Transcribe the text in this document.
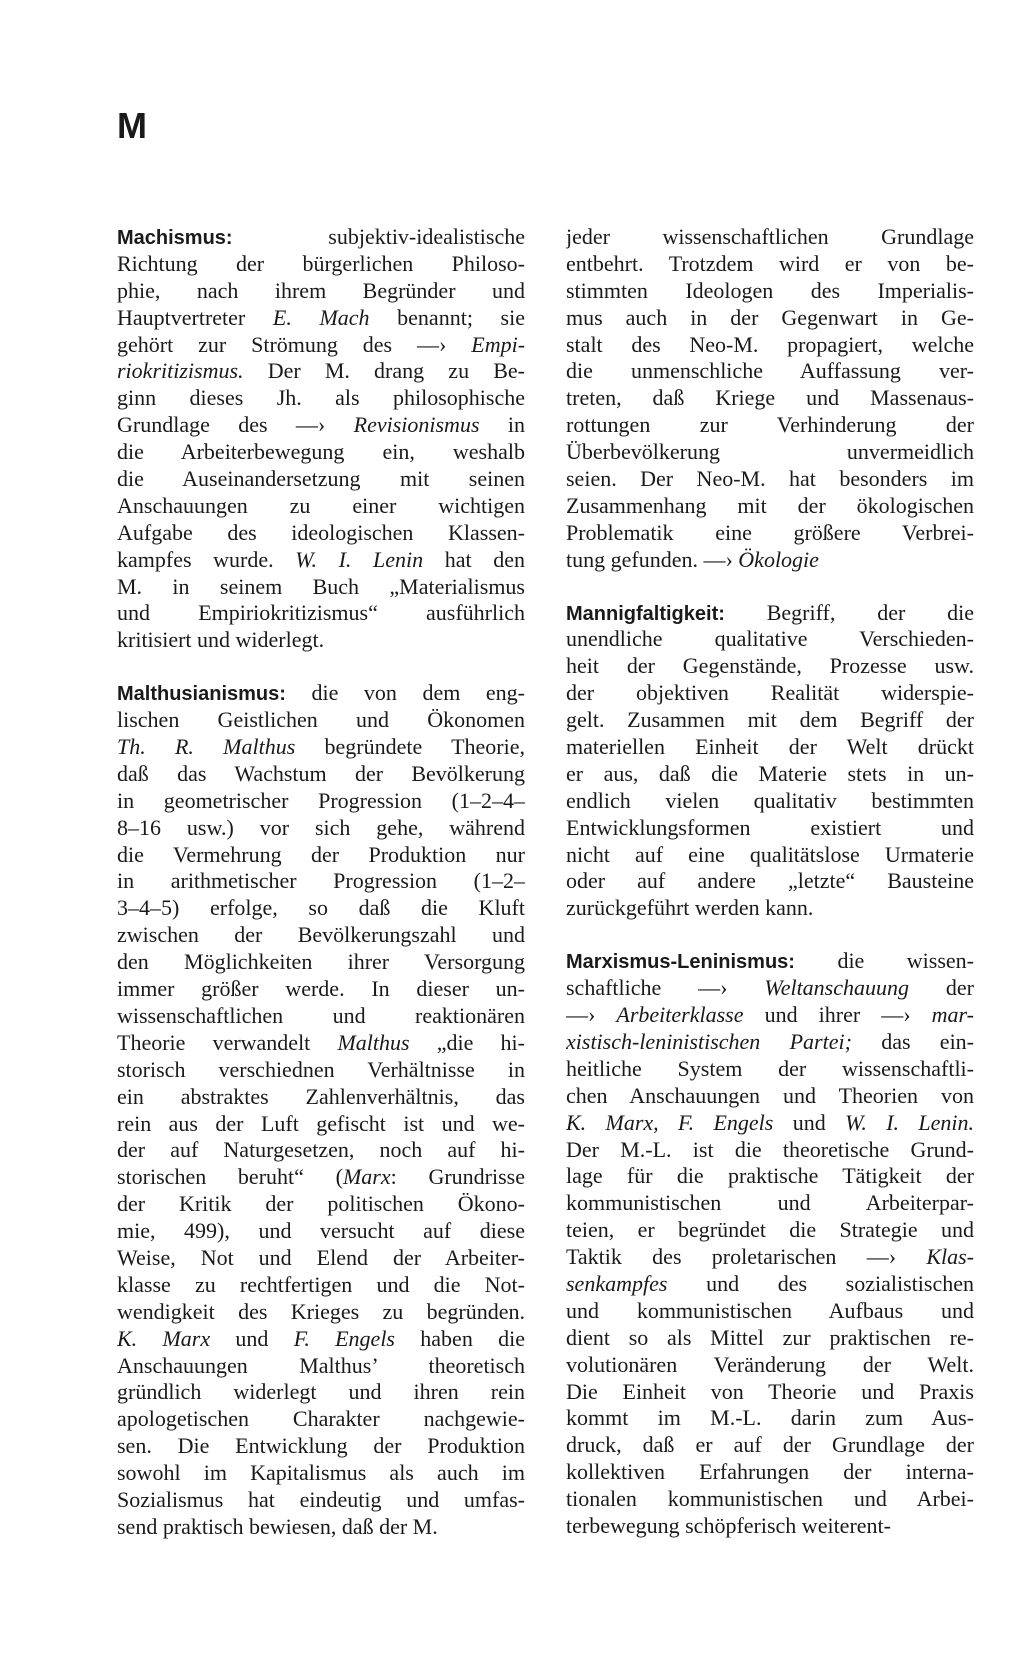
M
Machismus:	subjektiv-idealistische
Richtung der bürgerlichen Philoso-
phie, nach ihrem Begründer und
Hauptvertreter E. Mach benannt; sie
gehört zur Strömung des —› Empi-
riokritizismus. Der M. drang zu Be-
ginn dieses Jh. als philosophische
Grundlage des —› Revisionismus in
die Arbeiterbewegung ein, weshalb
die Auseinandersetzung mit seinen
Anschauungen zu einer wichtigen
Aufgabe des ideologischen Klassen-
kampfes wurde. W. I. Lenin hat den
M. in seinem Buch „Materialismus
und Empiriokritizismus“ ausführlich
kritisiert und widerlegt.
Malthusianismus: die von dem eng-
lischen Geistlichen und Ökonomen
Th. R. Malthus begründete Theorie,
daß das Wachstum der Bevölkerung
in geometrischer Progression (1–2–4–
8–16 usw.) vor sich gehe, während
die Vermehrung der Produktion nur
in arithmetischer Progression (1–2–
3–4–5) erfolge, so daß die Kluft
zwischen der Bevölkerungszahl und
den Möglichkeiten ihrer Versorgung
immer größer werde. In dieser un-
wissenschaftlichen und reaktionären
Theorie verwandelt Malthus „die hi-
storisch verschiednen Verhältnisse in
ein abstraktes Zahlenverhältnis, das
rein aus der Luft gefischt ist und we-
der auf Naturgesetzen, noch auf hi-
storischen beruht“ (Marx: Grundrisse
der Kritik der politischen Ökono-
mie, 499), und versucht auf diese
Weise, Not und Elend der Arbeiter-
klasse zu rechtfertigen und die Not-
wendigkeit des Krieges zu begründen.
K. Marx und F. Engels haben die
Anschauungen Malthus’ theoretisch
gründlich widerlegt und ihren rein
apologetischen Charakter nachgewie-
sen. Die Entwicklung der Produktion
sowohl im Kapitalismus als auch im
Sozialismus hat eindeutig und umfas-
send praktisch bewiesen, daß der M.
jeder wissenschaftlichen Grundlage
entbehrt. Trotzdem wird er von be-
stimmten Ideologen des Imperialis-
mus auch in der Gegenwart in Ge-
stalt des Neo-M. propagiert, welche
die unmenschliche Auffassung ver-
treten, daß Kriege und Massenaus-
rottungen zur Verhinderung der
Überbevölkerung unvermeidlich
seien. Der Neo-M. hat besonders im
Zusammenhang mit der ökologischen
Problematik eine größere Verbrei-
tung gefunden. —› Ökologie
Mannigfaltigkeit: Begriff, der die
unendliche qualitative Verschieden-
heit der Gegenstände, Prozesse usw.
der objektiven Realität widerspie-
gelt. Zusammen mit dem Begriff der
materiellen Einheit der Welt drückt
er aus, daß die Materie stets in un-
endlich vielen qualitativ bestimmten
Entwicklungsformen existiert und
nicht auf eine qualitätslose Urmaterie
oder auf andere „letzte“ Bausteine
zurückgeführt werden kann.
Marxismus-Leninismus: die wissen-
schaftliche —› Weltanschauung der
—› Arbeiterklasse und ihrer —› mar-
xistisch-leninistischen Partei; das ein-
heitliche System der wissenschaftli-
chen Anschauungen und Theorien von
K. Marx, F. Engels und W. I. Lenin.
Der M.-L. ist die theoretische Grund-
lage für die praktische Tätigkeit der
kommunistischen und Arbeiterpar-
teien, er begründet die Strategie und
Taktik des proletarischen —› Klas-
senkampfes und des sozialistischen
und kommunistischen Aufbaus und
dient so als Mittel zur praktischen re-
volutionären Veränderung der Welt.
Die Einheit von Theorie und Praxis
kommt im M.-L. darin zum Aus-
druck, daß er auf der Grundlage der
kollektiven Erfahrungen der interna-
tionalen kommunistischen und Arbei-
terbewegung schöpferisch weiterent-
